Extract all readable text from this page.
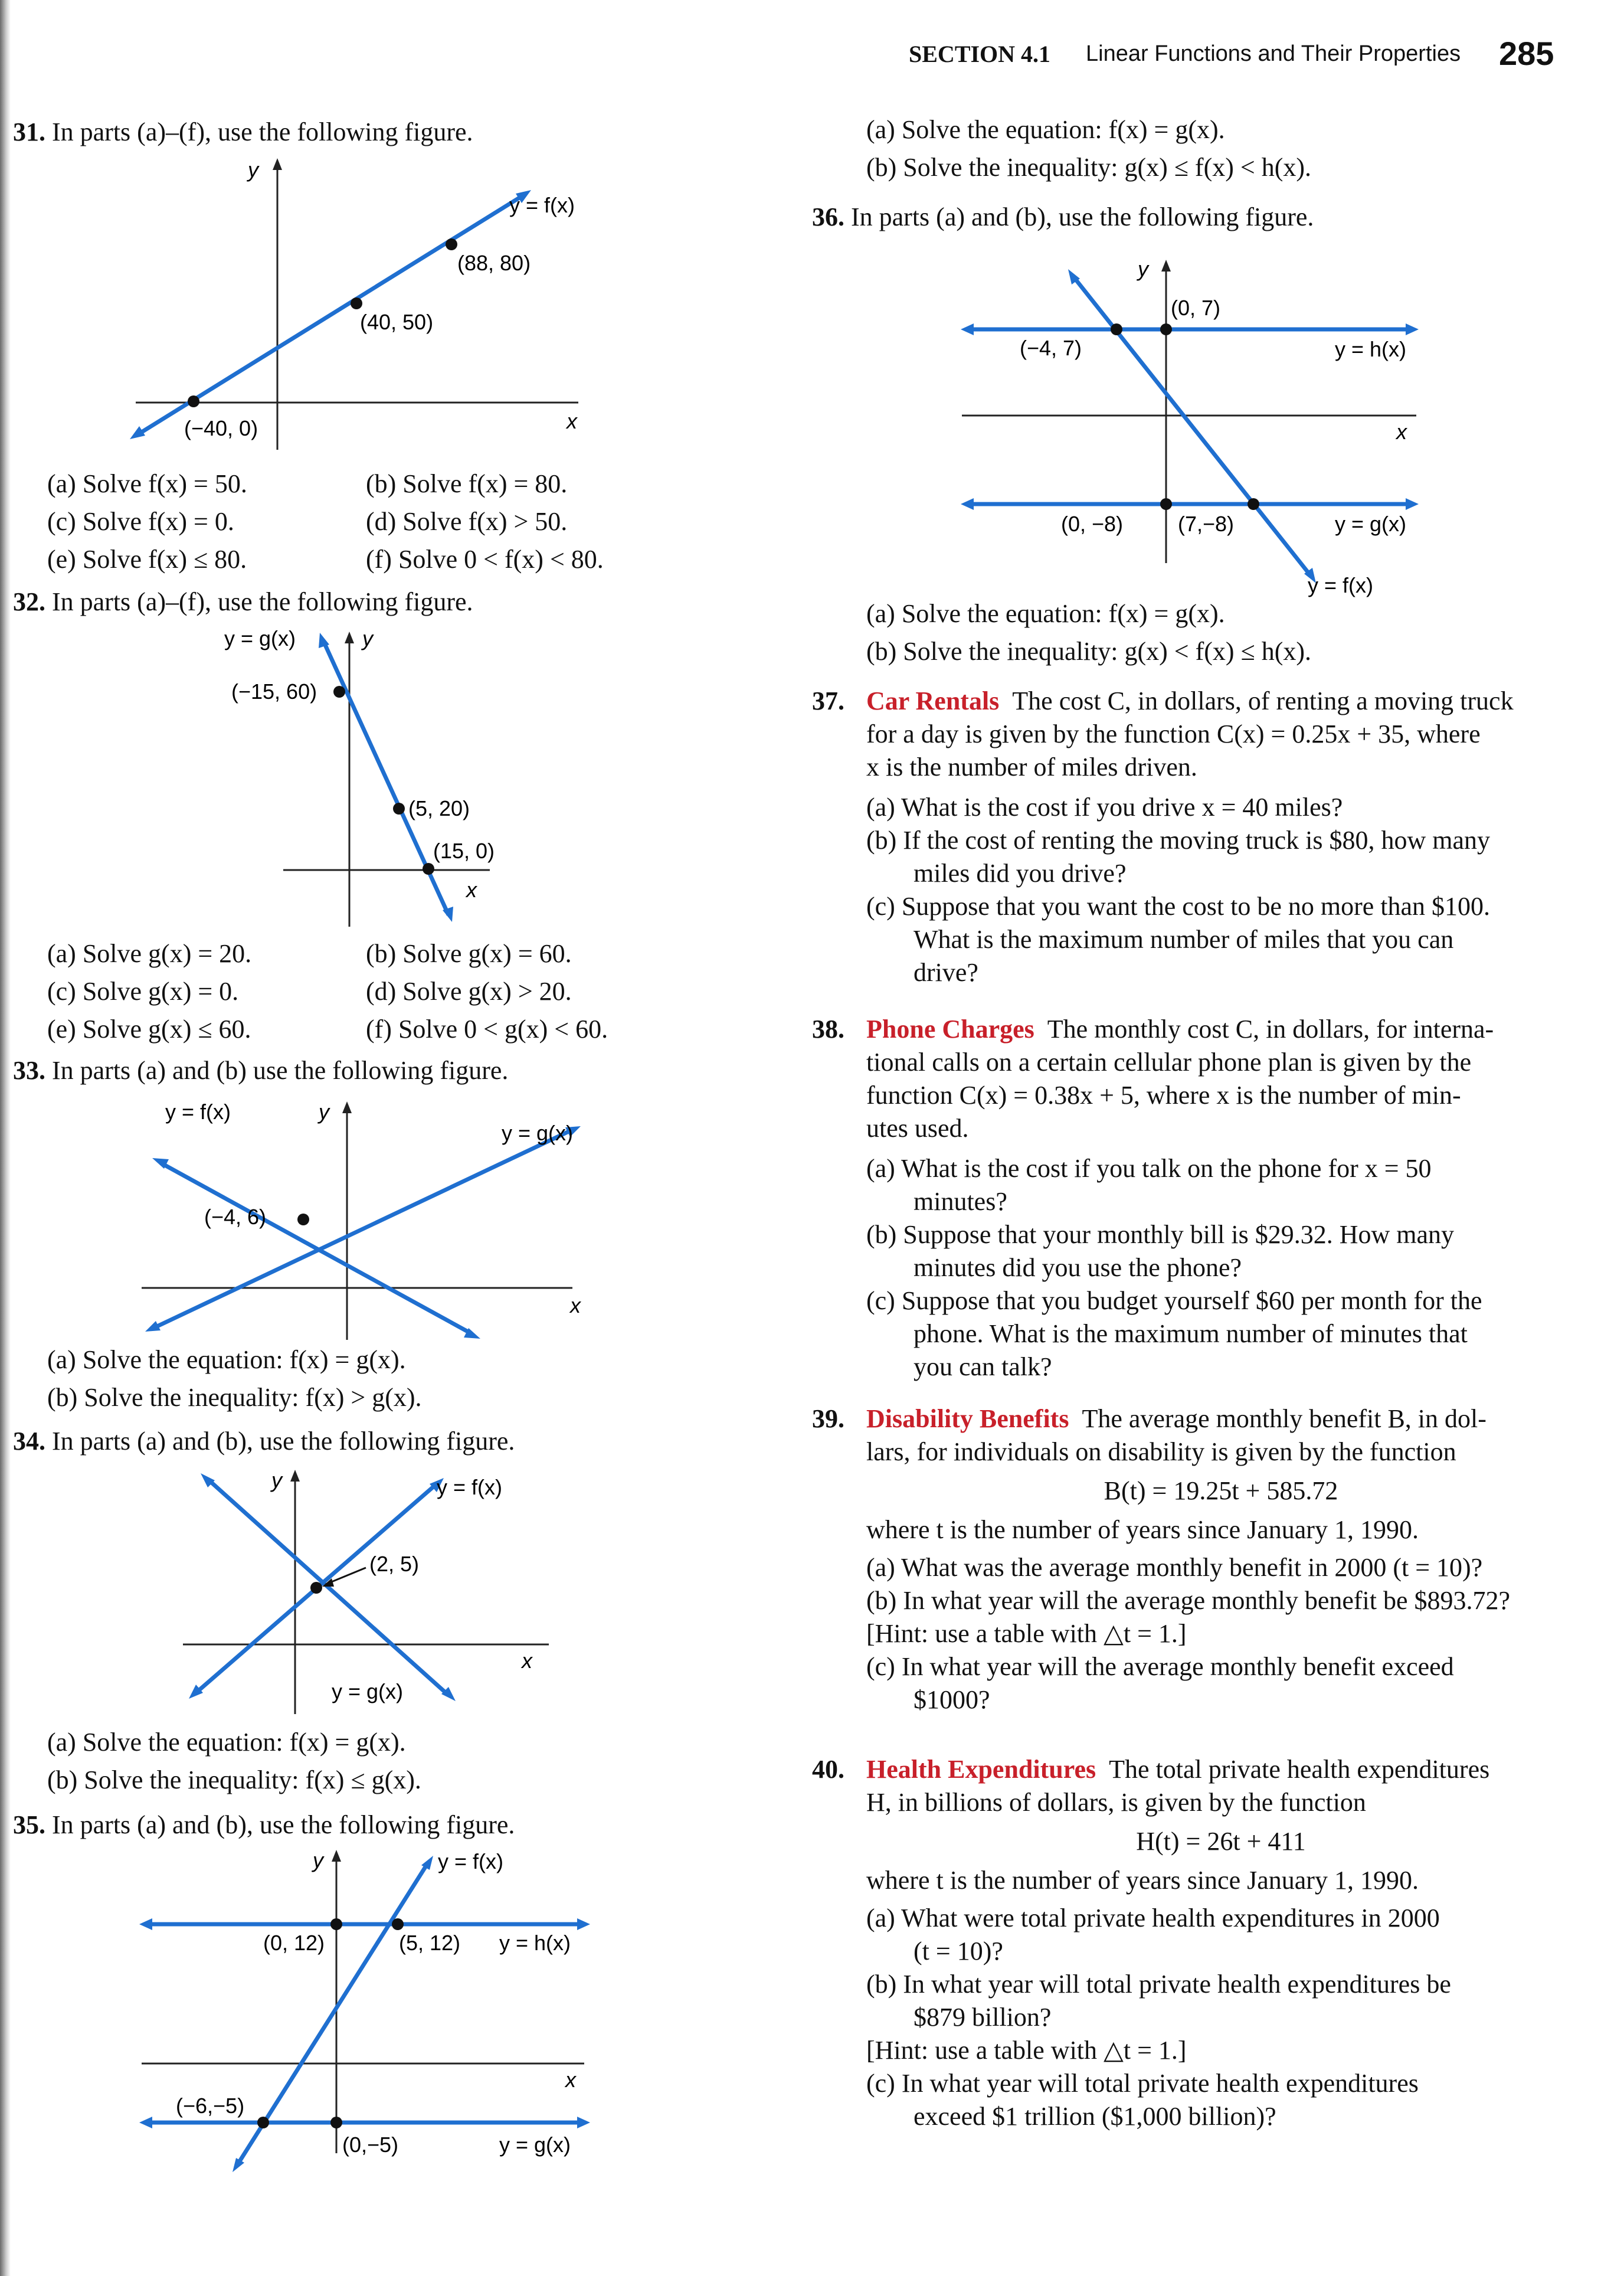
SECTION 4.1 Linear Functions and Their Properties 285
31. In parts (a)–(f), use the following figure.
y = f(x)
y
x
(88, 80)
(40, 50)
(−40, 0)
(a) Solve f(x) = 50.	(b) Solve f(x) = 80.
(c) Solve f(x) = 0.	(d) Solve f(x) > 50.
(e) Solve f(x) ≤ 80.	(f) Solve 0 < f(x) < 80.
32. In parts (a)–(f), use the following figure.
y = g(x)	y
x
(−15, 60)
(5, 20)
(15, 0)
(a) Solve g(x) = 20.	(b) Solve g(x) = 60.
(c) Solve g(x) = 0.	(d) Solve g(x) > 20.
(e) Solve g(x) ≤ 60.	(f) Solve 0 < g(x) < 60.
33. In parts (a) and (b) use the following figure.
y = f(x)
y = g(x)
y
x
(−4, 6)
(a) Solve the equation: f(x) = g(x).
(b) Solve the inequality: f(x) > g(x).
34. In parts (a) and (b), use the following figure.
y = f(x)
y = g(x)
y
x
(2, 5)
(a) Solve the equation: f(x) = g(x).
(b) Solve the inequality: f(x) ≤ g(x).
35. In parts (a) and (b), use the following figure.
y = f(x)
y = h(x)
y = g(x)
y
x
(0, 12)	(5, 12)
(−6,−5)
(0,−5)
(a) Solve the equation: f(x) = g(x).
(b) Solve the inequality: g(x) ≤ f(x) < h(x).
36. In parts (a) and (b), use the following figure.
y = f(x)
y = h(x)
y = g(x)
y
x
(0, 7)
(−4, 7)
(0, −8)	(7,−8)
(a) Solve the equation: f(x) = g(x).
(b) Solve the inequality: g(x) < f(x) ≤ h(x).
37. Car Rentals The cost C, in dollars, of renting a moving truck
for a day is given by the function C(x) = 0.25x + 35, where
x is the number of miles driven.
(a) What is the cost if you drive x = 40 miles?
(b) If the cost of renting the moving truck is $80, how many
miles did you drive?
(c) Suppose that you want the cost to be no more than $100.
What is the maximum number of miles that you can
drive?
38. Phone Charges The monthly cost C, in dollars, for interna-
tional calls on a certain cellular phone plan is given by the
function C(x) = 0.38x + 5, where x is the number of min-
utes used.
(a) What is the cost if you talk on the phone for x = 50
minutes?
(b) Suppose that your monthly bill is $29.32. How many
minutes did you use the phone?
(c) Suppose that you budget yourself $60 per month for the
phone. What is the maximum number of minutes that
you can talk?
39. Disability Benefits The average monthly benefit B, in dol-
lars, for individuals on disability is given by the function
B(t) = 19.25t + 585.72
where t is the number of years since January 1, 1990.
(a) What was the average monthly benefit in 2000 (t = 10)?
(b) In what year will the average monthly benefit be $893.72?
[Hint: use a table with △t = 1.]
(c) In what year will the average monthly benefit exceed
$1000?
40. Health Expenditures The total private health expenditures
H, in billions of dollars, is given by the function
H(t) = 26t + 411
where t is the number of years since January 1, 1990.
(a) What were total private health expenditures in 2000
(t = 10)?
(b) In what year will total private health expenditures be
$879 billion?
[Hint: use a table with △t = 1.]
(c) In what year will total private health expenditures
exceed $1 trillion ($1,000 billion)?
